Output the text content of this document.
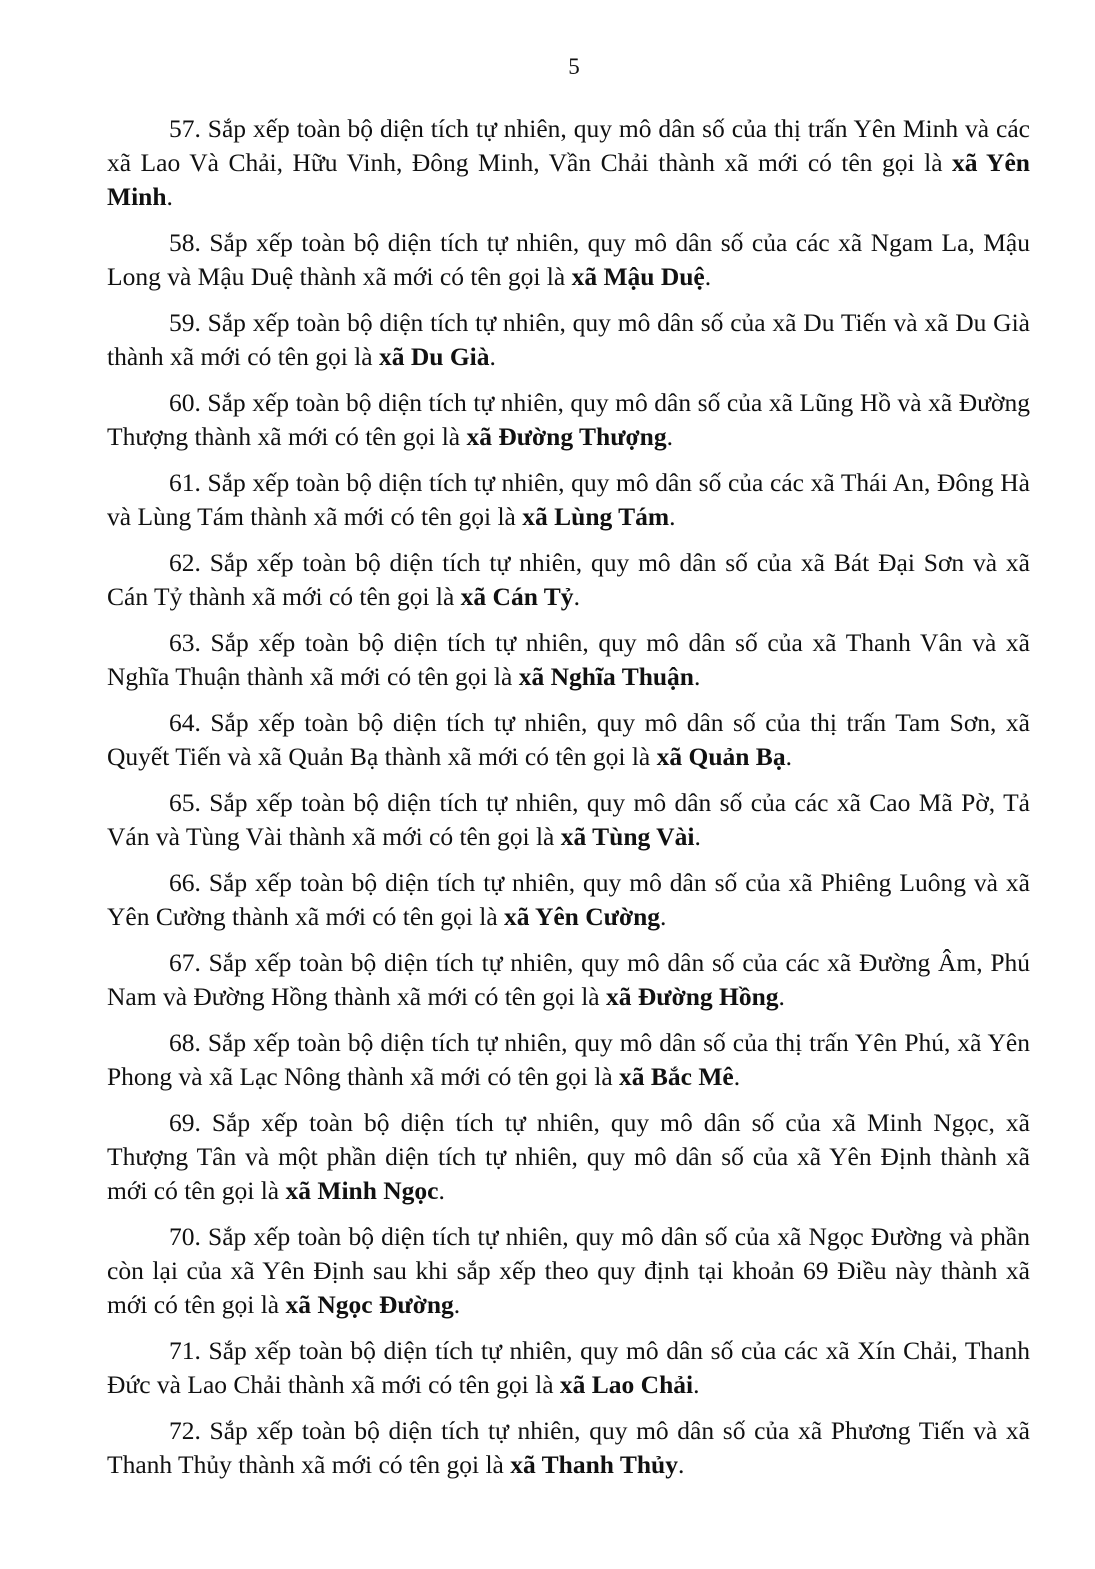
5

57. Sắp xếp toàn bộ diện tích tự nhiên, quy mô dân số của thị trấn Yên Minh và các xã Lao Và Chải, Hữu Vinh, Đông Minh, Vần Chải thành xã mới có tên gọi là xã Yên Minh.

58. Sắp xếp toàn bộ diện tích tự nhiên, quy mô dân số của các xã Ngam La, Mậu Long và Mậu Duệ thành xã mới có tên gọi là xã Mậu Duệ.

59. Sắp xếp toàn bộ diện tích tự nhiên, quy mô dân số của xã Du Tiến và xã Du Già thành xã mới có tên gọi là xã Du Già.

60. Sắp xếp toàn bộ diện tích tự nhiên, quy mô dân số của xã Lũng Hồ và xã Đường Thượng thành xã mới có tên gọi là xã Đường Thượng.

61. Sắp xếp toàn bộ diện tích tự nhiên, quy mô dân số của các xã Thái An, Đông Hà và Lùng Tám thành xã mới có tên gọi là xã Lùng Tám.

62. Sắp xếp toàn bộ diện tích tự nhiên, quy mô dân số của xã Bát Đại Sơn và xã Cán Tỷ thành xã mới có tên gọi là xã Cán Tỷ.

63. Sắp xếp toàn bộ diện tích tự nhiên, quy mô dân số của xã Thanh Vân và xã Nghĩa Thuận thành xã mới có tên gọi là xã Nghĩa Thuận.

64. Sắp xếp toàn bộ diện tích tự nhiên, quy mô dân số của thị trấn Tam Sơn, xã Quyết Tiến và xã Quản Bạ thành xã mới có tên gọi là xã Quản Bạ.

65. Sắp xếp toàn bộ diện tích tự nhiên, quy mô dân số của các xã Cao Mã Pờ, Tả Ván và Tùng Vài thành xã mới có tên gọi là xã Tùng Vài.

66. Sắp xếp toàn bộ diện tích tự nhiên, quy mô dân số của xã Phiêng Luông và xã Yên Cường thành xã mới có tên gọi là xã Yên Cường.

67. Sắp xếp toàn bộ diện tích tự nhiên, quy mô dân số của các xã Đường Âm, Phú Nam và Đường Hồng thành xã mới có tên gọi là xã Đường Hồng.

68. Sắp xếp toàn bộ diện tích tự nhiên, quy mô dân số của thị trấn Yên Phú, xã Yên Phong và xã Lạc Nông thành xã mới có tên gọi là xã Bắc Mê.

69. Sắp xếp toàn bộ diện tích tự nhiên, quy mô dân số của xã Minh Ngọc, xã Thượng Tân và một phần diện tích tự nhiên, quy mô dân số của xã Yên Định thành xã mới có tên gọi là xã Minh Ngọc.

70. Sắp xếp toàn bộ diện tích tự nhiên, quy mô dân số của xã Ngọc Đường và phần còn lại của xã Yên Định sau khi sắp xếp theo quy định tại khoản 69 Điều này thành xã mới có tên gọi là xã Ngọc Đường.

71. Sắp xếp toàn bộ diện tích tự nhiên, quy mô dân số của các xã Xín Chải, Thanh Đức và Lao Chải thành xã mới có tên gọi là xã Lao Chải.

72. Sắp xếp toàn bộ diện tích tự nhiên, quy mô dân số của xã Phương Tiến và xã Thanh Thủy thành xã mới có tên gọi là xã Thanh Thủy.
